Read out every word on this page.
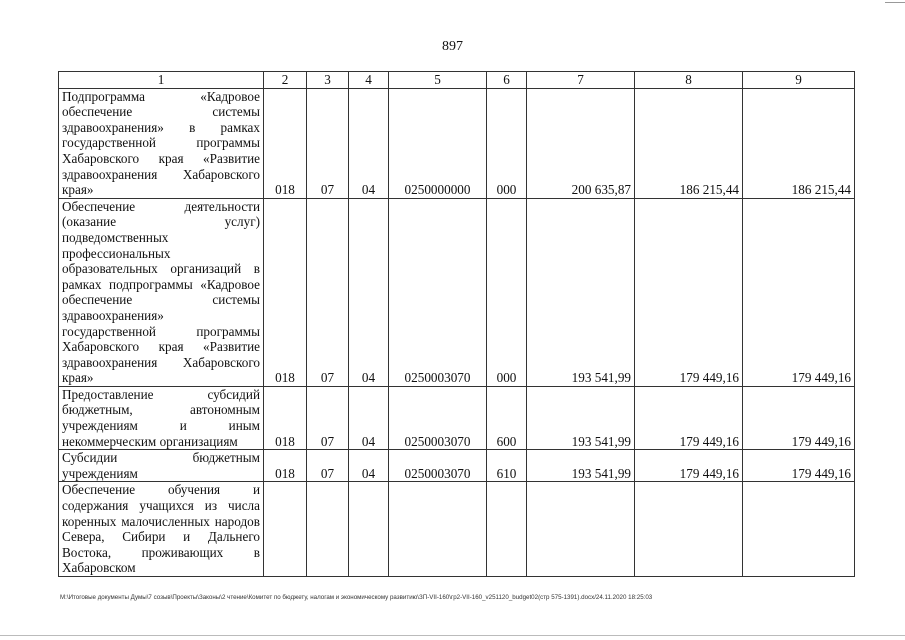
897
1	2	3	4	5	6	7	8	9
Подпрограмма «Кадровое обеспечение системы здравоохранения» в рамках государственной программы Хабаровского края «Развитие здравоохранения Хабаровского края»	018	07	04	0250000000	000	200 635,87	186 215,44	186 215,44
Обеспечение деятельности (оказание услуг) подведомственных профессиональных образовательных организаций в рамках подпрограммы «Кадровое обеспечение системы здравоохранения» государственной программы Хабаровского края «Развитие здравоохранения Хабаровского края»	018	07	04	0250003070	000	193 541,99	179 449,16	179 449,16
Предоставление субсидий бюджетным, автономным учреждениям и иным некоммерческим организациям	018	07	04	0250003070	600	193 541,99	179 449,16	179 449,16
Субсидии бюджетным учреждениям	018	07	04	0250003070	610	193 541,99	179 449,16	179 449,16
Обеспечение обучения и содержания учащихся из числа коренных малочисленных народов Севера, Сибири и Дальнего Востока, проживающих в Хабаровском								
M:\Итоговые документы Думы\7 созыв\Проекты\Законы\2 чтение\Комитет по бюджету, налогам и экономическому развитию\ЗП-VII-160\гр2-VII-160_v251120_budget02(стр 575-1391).docx/24.11.2020 18:25:03
